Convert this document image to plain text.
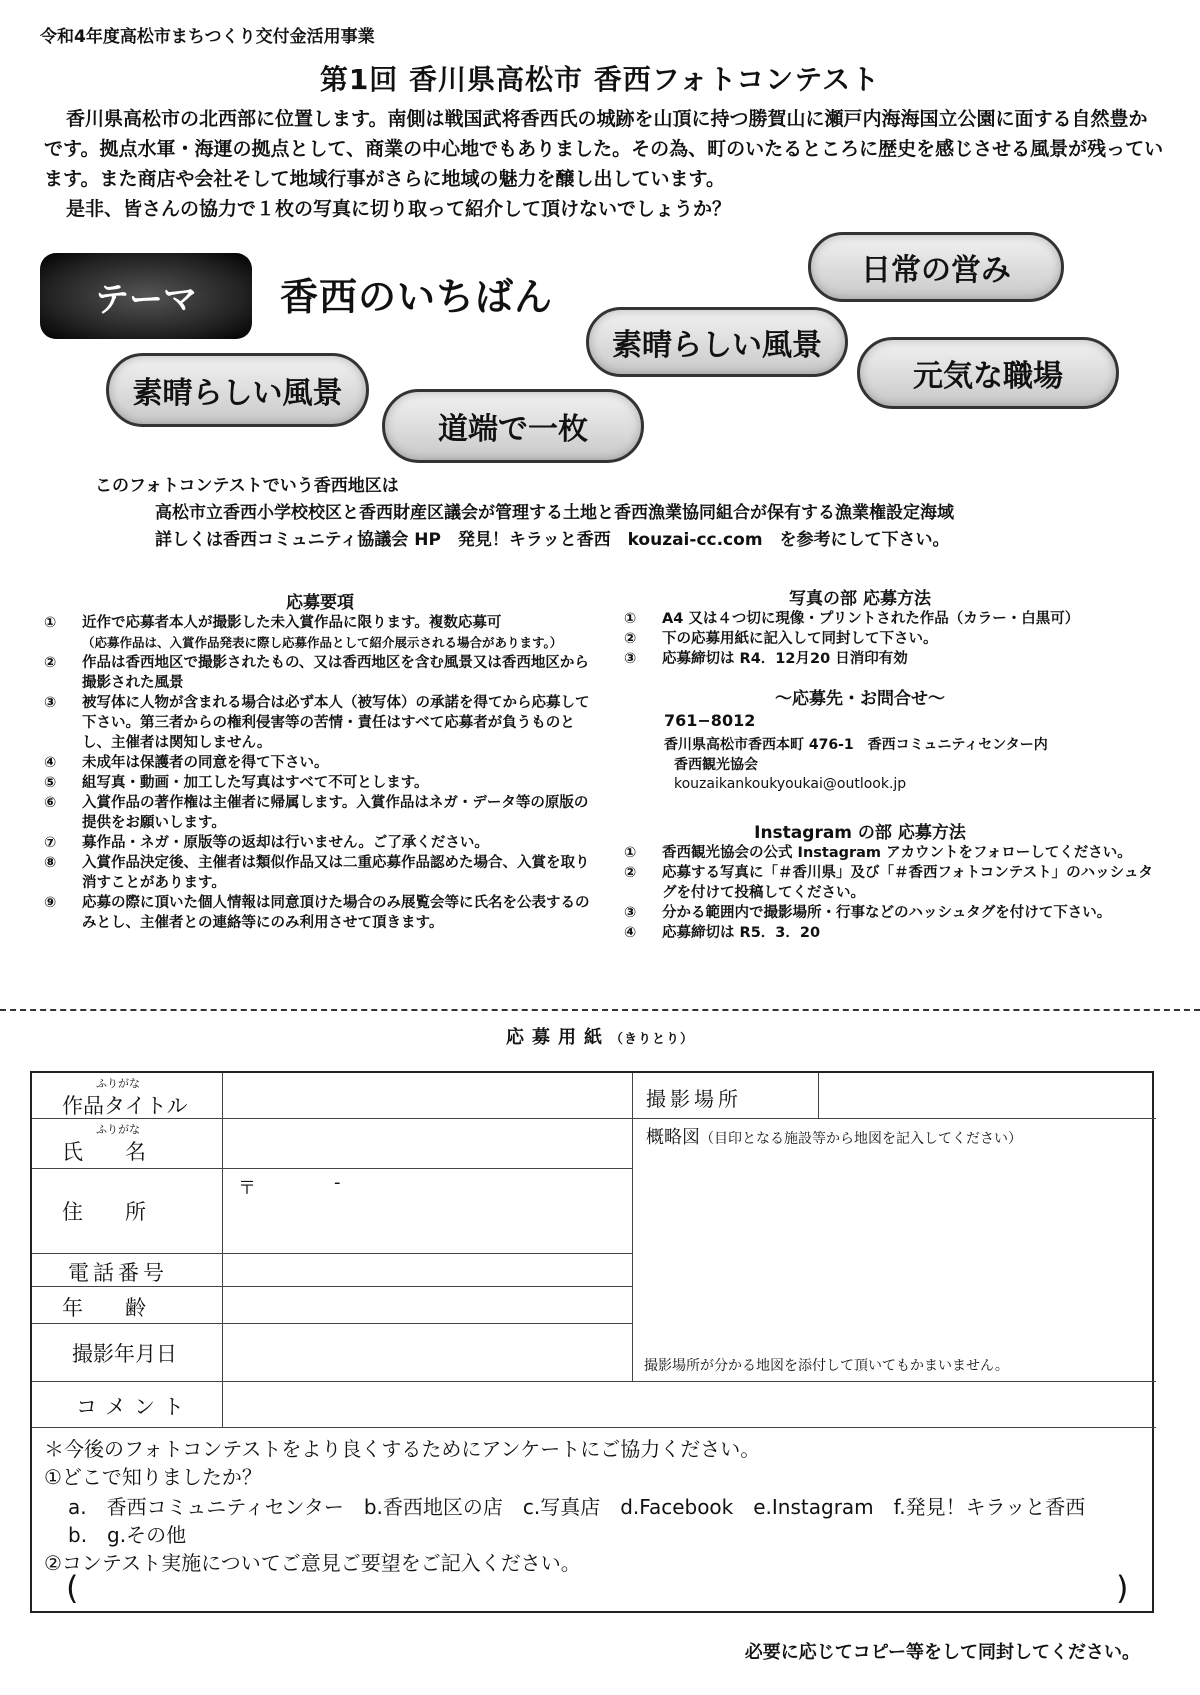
令和4年度高松市まちつくり交付金活用事業
第1回 香川県高松市 香西フォトコンテスト

香川県高松市の北西部に位置します。南側は戦国武将香西氏の城跡を山頂に持つ勝賀山に瀬戸内海海国立公園に面する自然豊かです。拠点水軍・海運の拠点として、商業の中心地でもありました。その為、町のいたるところに歴史を感じさせる風景が残っています。また商店や会社そして地域行事がさらに地域の魅力を醸し出しています。

是非、皆さんの協力で１枚の写真に切り取って紹介して頂けないでしょうか？

テーマ	香西のいちばん
日常の営み
素晴らしい風景
元気な職場
素晴らしい風景
道端で一枚
このフォトコンテストでいう香西地区は
高松市立香西小学校校区と香西財産区議会が管理する土地と香西漁業協同組合が保有する漁業権設定海域
詳しくは香西コミュニティ協議会 HP　発見！キラッと香西　kouzai-cc.com　を参考にして下さい。
応募要項
①	近作で応募者本人が撮影した未入賞作品に限ります。複数応募可
（応募作品は、入賞作品発表に際し応募作品として紹介展示される場合があります。）
②	作品は香西地区で撮影されたもの、又は香西地区を含む風景又は香西地区から撮影された風景
③	被写体に人物が含まれる場合は必ず本人（被写体）の承諾を得てから応募して下さい。第三者からの権利侵害等の苦情・責任はすべて応募者が負うものとし、主催者は関知しません。
④	未成年は保護者の同意を得て下さい。
⑤	組写真・動画・加工した写真はすべて不可とします。
⑥	入賞作品の著作権は主催者に帰属します。入賞作品はネガ・データ等の原版の提供をお願いします。
⑦	募作品・ネガ・原版等の返却は行いません。ご了承ください。
⑧	入賞作品決定後、主催者は類似作品又は二重応募作品認めた場合、入賞を取り消すことがあります。
⑨	応募の際に頂いた個人情報は同意頂けた場合のみ展覧会等に氏名を公表するのみとし、主催者との連絡等にのみ利用させて頂きます。
写真の部 応募方法
①	A4 又は４つ切に現像・プリントされた作品（カラー・白黒可）
②	下の応募用紙に記入して同封して下さい。
③	応募締切は R4．12月20 日消印有効
〜応募先・お問合せ〜
761−8012
香川県高松市香西本町 476-1　香西コミュニティセンター内
香西観光協会
kouzaikankoukyoukai@outlook.jp
Instagram の部 応募方法
①	香西観光協会の公式 Instagram アカウントをフォローしてください。
②	応募する写真に「＃香川県」及び「＃香西フォトコンテスト」のハッシュタグを付けて投稿してください。
③	分かる範囲内で撮影場所・行事などのハッシュタグを付けて下さい。
④	応募締切は R5．3．20
応募用紙（きりとり）
ふりがな
作品タイトル
ふりがな
氏　　名
住　　所
〒	-
電話番号
年　　齢
撮影年月日
コメント
撮影場所
概略図（目印となる施設等から地図を記入してください）
撮影場所が分かる地図を添付して頂いてもかまいません。
＊今後のフォトコンテストをより良くするためにアンケートにご協力ください。
①どこで知りましたか？
a.　香西コミュニティセンター　b.香西地区の店　c.写真店　d.Facebook　e.Instagram　f.発見！キラッと香西
b.　g.その他
②コンテスト実施についてご意見ご要望をご記入ください。
(	)
必要に応じてコピー等をして同封してください。
